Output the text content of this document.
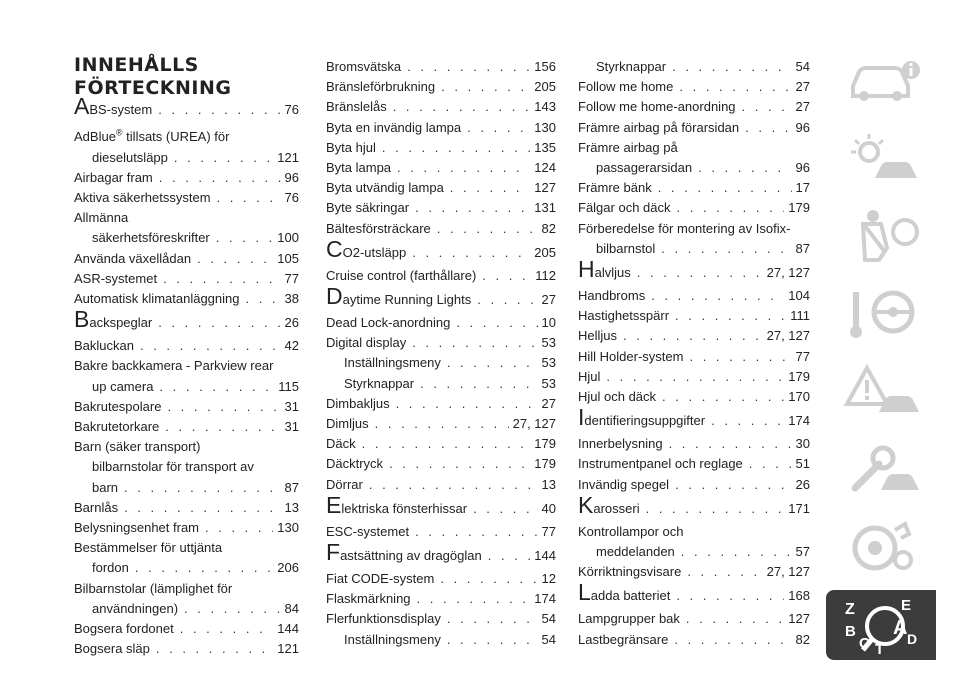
INNEHÅLLS
FÖRTECKNING
ABS-system . . .	76
AdBlue® tillsats (UREA) för
dieselutsläpp . . .	121
Airbagar fram . . .	96
Aktiva säkerhetssystem . . .	76
Allmänna
säkerhetsföreskrifter . . .	100
Använda växellådan . . .	105
ASR-systemet . . .	77
Automatisk klimatanläggning . . .	38
Backspeglar . . .	26
Bakluckan . . .	42
Bakre backkamera - Parkview rear
up camera . . .	115
Bakrutespolare . . .	31
Bakrutetorkare . . .	31
Barn (säker transport)
bilbarnstolar för transport av
barn . . .	87
Barnlås . . .	13
Belysningsenhet fram . . .	130
Bestämmelser för uttjänta
fordon . . .	206
Bilbarnstolar (lämplighet för
användningen) . . .	84
Bogsera fordonet . . .	144
Bogsera släp . . .	121
Bromsvätska . . .	156
Bränsleförbrukning . . .	205
Bränslelås . . .	143
Byta en invändig lampa . . .	130
Byta hjul . . .	135
Byta lampa . . .	124
Byta utvändig lampa . . .	127
Byte säkringar . . .	131
Bältesförsträckare . . .	82
CO2-utsläpp . . .	205
Cruise control (farthållare) . . .	112
Daytime Running Lights . . .	27
Dead Lock-anordning . . .	10
Digital display . . .	53
Inställningsmeny . . .	53
Styrknappar . . .	53
Dimbakljus . . .	27
Dimljus . . .	27, 127
Däck . . .	179
Däcktryck . . .	179
Dörrar . . .	13
Elektriska fönsterhissar . . .	40
ESC-systemet . . .	77
Fastsättning av dragöglan . . .	144
Fiat CODE-system . . .	12
Flaskmärkning . . .	174
Flerfunktionsdisplay . . .	54
Inställningsmeny . . .	54
Styrknappar . . .	54
Follow me home . . .	27
Follow me home-anordning . . .	27
Främre airbag på förarsidan . . .	96
Främre airbag på
passagerarsidan . . .	96
Främre bänk . . .	17
Fälgar och däck . . .	179
Förberedelse för montering av Isofix-
bilbarnstol . . .	87
Halvljus . . .	27, 127
Handbroms . . .	104
Hastighetsspärr . . .	111
Helljus . . .	27, 127
Hill Holder-system . . .	77
Hjul . . .	179
Hjul och däck . . .	170
Identifieringsuppgifter . . .	174
Innerbelysning . . .	30
Instrumentpanel och reglage . . .	51
Invändig spegel . . .	26
Karosseri . . .	171
Kontrollampor och
meddelanden . . .	57
Körriktningsvisare . . .	27, 127
Ladda batteriet . . .	168
Lampgrupper bak . . .	127
Lastbegränsare . . .	82
Z	E
B A
C T
D
